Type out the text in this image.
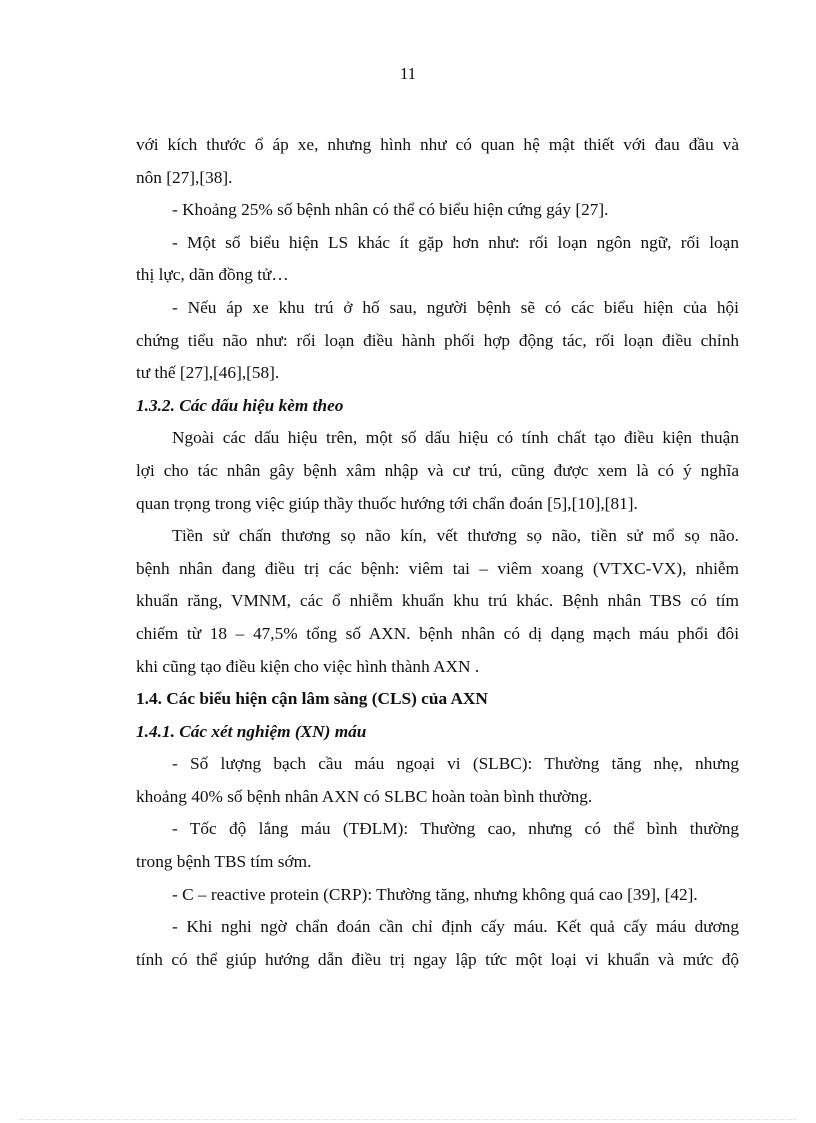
11
với kích thước ổ áp xe, nhưng hình như có quan hệ mật thiết với đau đầu và
nôn [27],[38].
- Khoảng 25% số bệnh nhân có thể có biểu hiện cứng gáy [27].
- Một số biểu hiện LS khác ít gặp hơn như: rối loạn ngôn ngữ, rối loạn
thị lực, dãn đồng tử…
- Nếu áp xe khu trú ở hố sau, người bệnh sẽ có các biểu hiện của hội
chứng tiểu não như: rối loạn điều hành phối hợp động tác, rối loạn điều chỉnh
tư thế [27],[46],[58].
1.3.2. Các dấu hiệu kèm theo
Ngoài các dấu hiệu trên, một số dấu hiệu có tính chất tạo điều kiện thuận
lợi cho tác nhân gây bệnh xâm nhập và cư trú, cũng được xem là có ý nghĩa
quan trọng trong việc giúp thầy thuốc hướng tới chẩn đoán [5],[10],[81].
Tiền sử chấn thương sọ não kín, vết thương sọ não, tiền sử mổ sọ não.
bệnh nhân đang điều trị các bệnh: viêm tai – viêm xoang (VTXC-VX), nhiễm
khuẩn răng, VMNM, các ổ nhiễm khuẩn khu trú khác. Bệnh nhân TBS có tím
chiếm từ 18 – 47,5% tổng số AXN. bệnh nhân có dị dạng mạch máu phổi đôi
khi cũng tạo điều kiện cho việc hình thành AXN .
1.4. Các biểu hiện cận lâm sàng (CLS) của AXN
1.4.1. Các xét nghiệm (XN) máu
- Số lượng bạch cầu máu ngoại vi (SLBC): Thường tăng nhẹ, nhưng
khoảng 40% số bệnh nhân AXN có SLBC hoàn toàn bình thường.
- Tốc độ lắng máu (TĐLM): Thường cao, nhưng có thể bình thường
trong bệnh TBS tím sớm.
- C – reactive protein (CRP): Thường tăng, nhưng không quá cao [39], [42].
- Khi nghi ngờ chẩn đoán cần chỉ định cấy máu. Kết quả cấy máu dương
tính có thể giúp hướng dẫn điều trị ngay lập tức một loại vi khuẩn và mức độ
